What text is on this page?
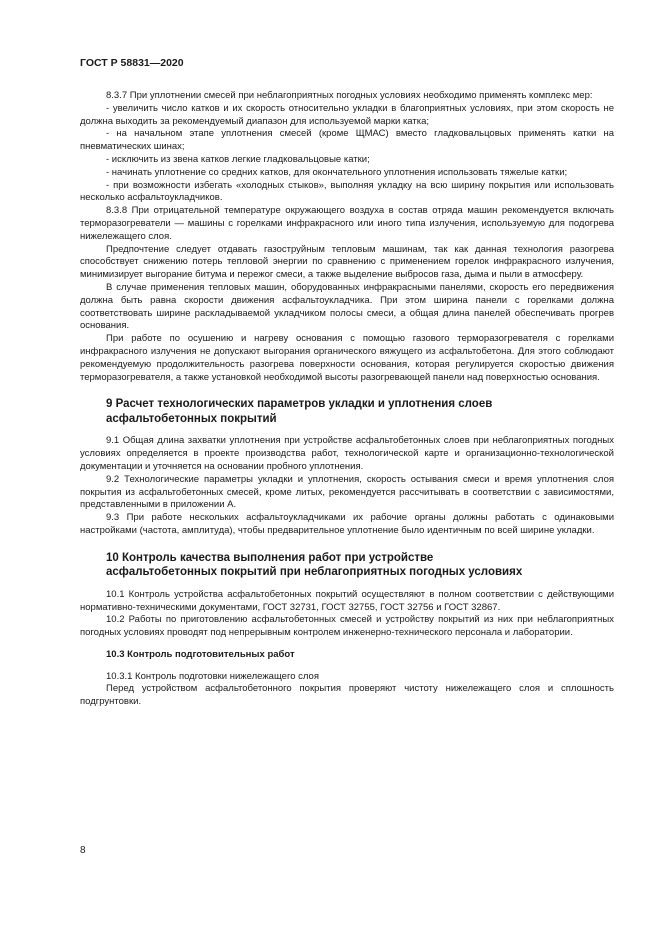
ГОСТ Р 58831—2020

8.3.7 При уплотнении смесей при неблагоприятных погодных условиях необходимо применять комплекс мер:

- увеличить число катков и их скорость относительно укладки в благоприятных условиях, при этом скорость не должна выходить за рекомендуемый диапазон для используемой марки катка;

- на начальном этапе уплотнения смесей (кроме ЩМАС) вместо гладковальцовых применять катки на пневматических шинах;

- исключить из звена катков легкие гладковальцовые катки;

- начинать уплотнение со средних катков, для окончательного уплотнения использовать тяжелые катки;

- при возможности избегать «холодных стыков», выполняя укладку на всю ширину покрытия или использовать несколько асфальтоукладчиков.

8.3.8 При отрицательной температуре окружающего воздуха в состав отряда машин рекомендуется включать терморазогреватели — машины с горелками инфракрасного или иного типа излучения, используемую для подогрева нижележащего слоя.

Предпочтение следует отдавать газоструйным тепловым машинам, так как данная технология разогрева способствует снижению потерь тепловой энергии по сравнению с применением горелок инфракрасного излучения, минимизирует выгорание битума и пережог смеси, а также выделение выбросов газа, дыма и пыли в атмосферу.

В случае применения тепловых машин, оборудованных инфракрасными панелями, скорость его передвижения должна быть равна скорости движения асфальтоукладчика. При этом ширина панели с горелками должна соответствовать ширине раскладываемой укладчиком полосы смеси, а общая длина панелей обеспечивать прогрев основания.

При работе по осушению и нагреву основания с помощью газового терморазогревателя с горелками инфракрасного излучения не допускают выгорания органического вяжущего из асфальтобетона. Для этого соблюдают рекомендуемую продолжительность разогрева поверхности основания, которая регулируется скоростью движения терморазогревателя, а также установкой необходимой высоты разогревающей панели над поверхностью основания.

9 Расчет технологических параметров укладки и уплотнения слоев

асфальтобетонных покрытий

9.1 Общая длина захватки уплотнения при устройстве асфальтобетонных слоев при неблагоприятных погодных условиях определяется в проекте производства работ, технологической карте и организационно-технологической документации и уточняется на основании пробного уплотнения.

9.2 Технологические параметры укладки и уплотнения, скорость остывания смеси и время уплотнения слоя покрытия из асфальтобетонных смесей, кроме литых, рекомендуется рассчитывать в соответствии с зависимостями, представленными в приложении А.

9.3 При работе нескольких асфальтоукладчиками их рабочие органы должны работать с одинаковыми настройками (частота, амплитуда), чтобы предварительное уплотнение было идентичным по всей ширине укладки.

10 Контроль качества выполнения работ при устройстве

асфальтобетонных покрытий при неблагоприятных погодных условиях

10.1 Контроль устройства асфальтобетонных покрытий осуществляют в полном соответствии с действующими нормативно-техническими документами, ГОСТ 32731, ГОСТ 32755, ГОСТ 32756 и ГОСТ 32867.

10.2 Работы по приготовлению асфальтобетонных смесей и устройству покрытий из них при неблагоприятных погодных условиях проводят под непрерывным контролем инженерно-технического персонала и лаборатории.

10.3 Контроль подготовительных работ

10.3.1 Контроль подготовки нижележащего слоя

Перед устройством асфальтобетонного покрытия проверяют чистоту нижележащего слоя и сплошность подгрунтовки.

8
